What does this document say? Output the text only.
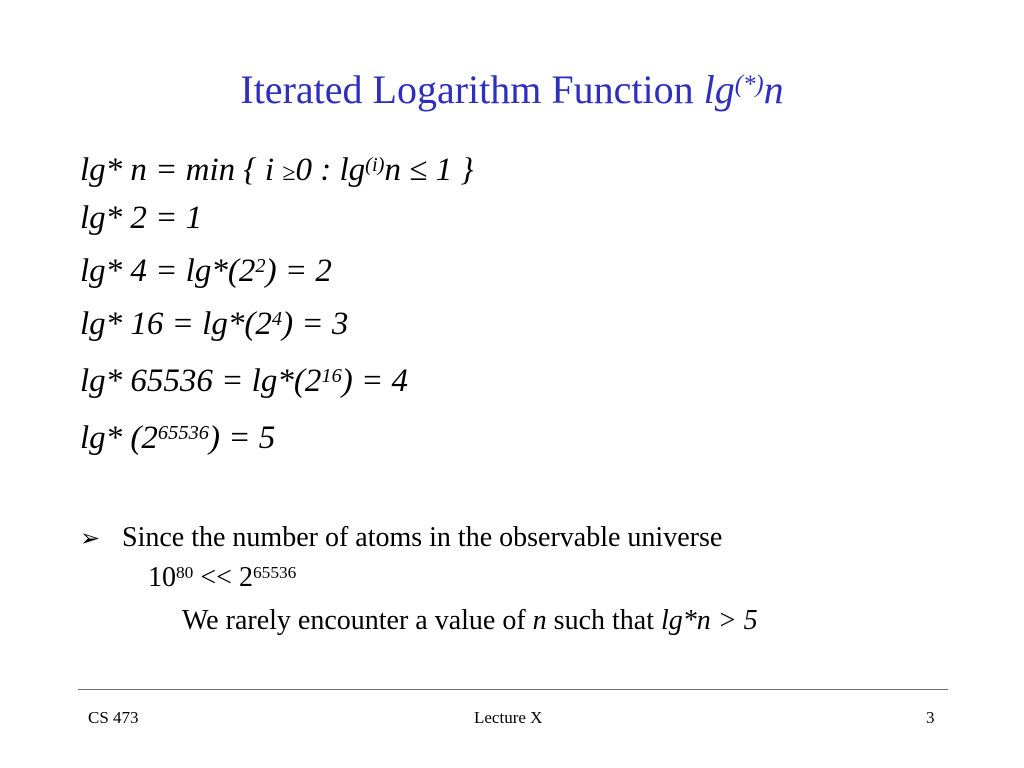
Iterated Logarithm Function lg(*)n
lg* n = min { i ≥0 : $\lg^{(i)}n \le 1$ }
lg* 2 = 1
lg* $4 = \lg*(2^2) = 2$
lg* $16 = \lg*(2^4) = 3$
lg* $65536 = \lg*(2^{16}) = 4$
lg* $(2^{65536}) = 5$
➢ Since the number of atoms in the observable universe
$10^{80} << 2^{65536}$
We rarely encounter a value of n such that lg*n > 5
CS 473	Lecture X	3
